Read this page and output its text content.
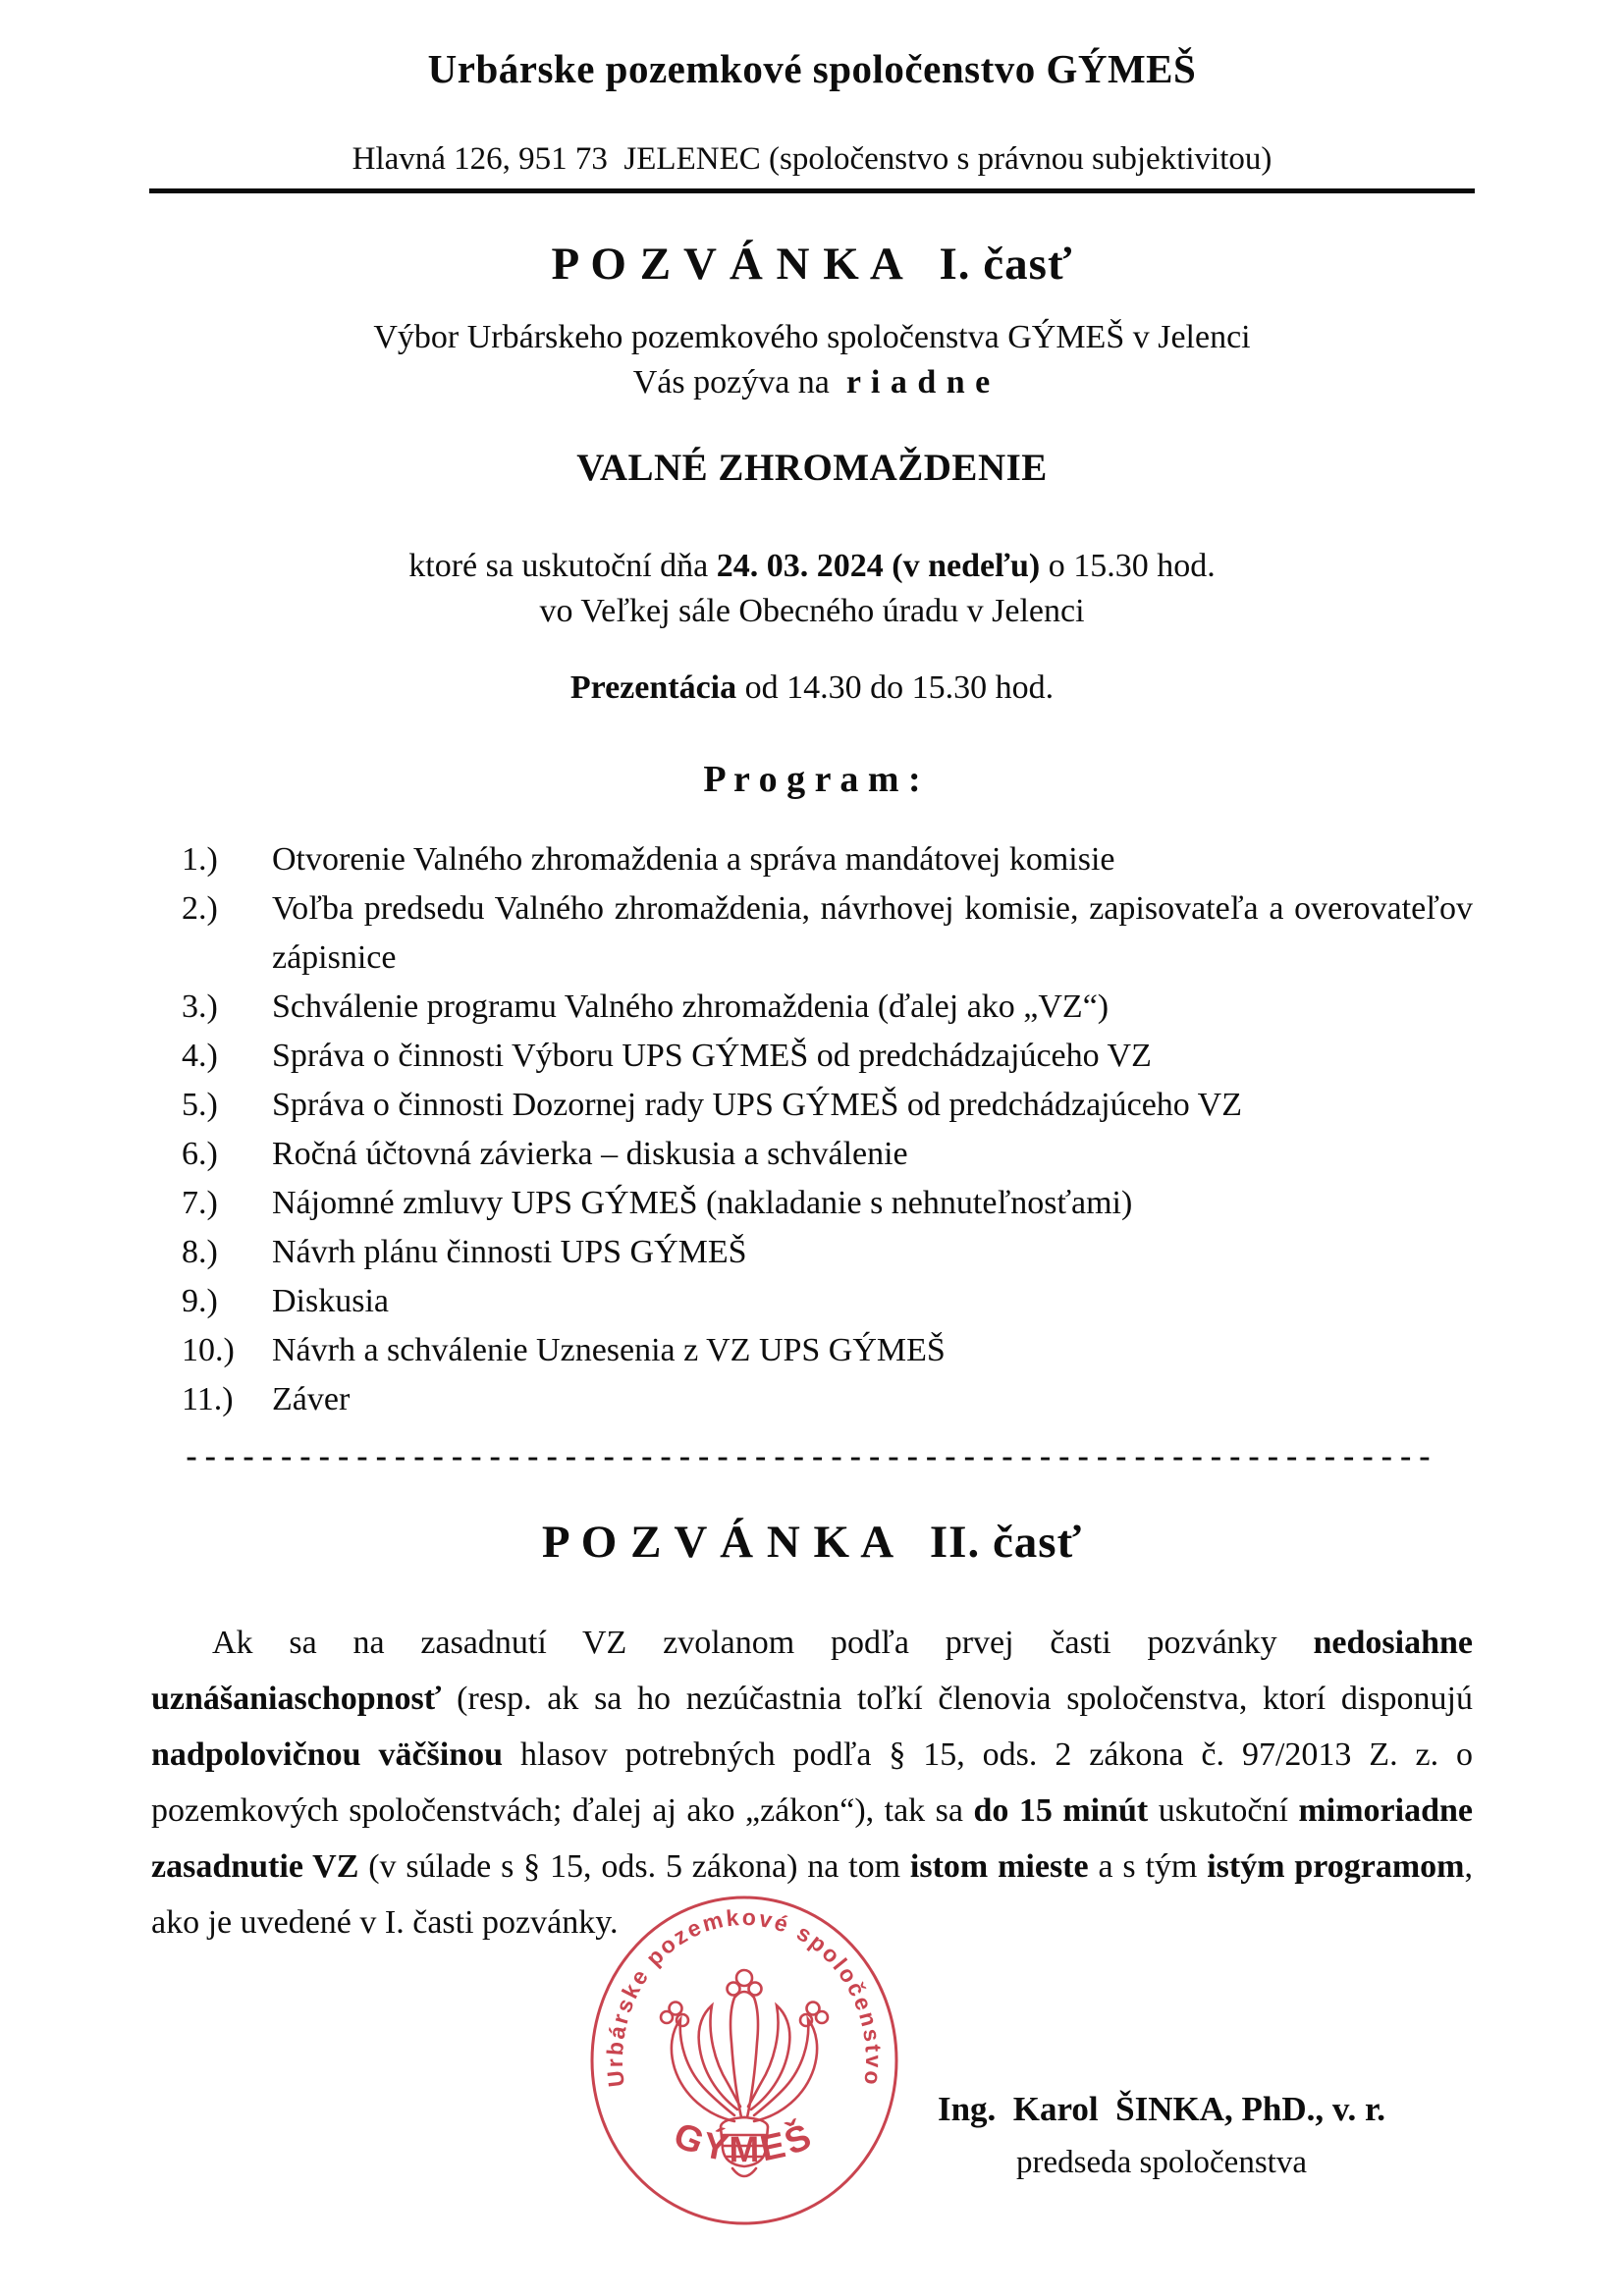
Urbárske pozemkové spoločenstvo GÝMEŠ
Hlavná 126, 951 73  JELENEC (spoločenstvo s právnou subjektivitou)
P O Z V Á N K A   I. časť
Výbor Urbárskeho pozemkového spoločenstva GÝMEŠ v Jelenci
Vás pozýva na  r i a d n e
VALNÉ ZHROMAŽDENIE
ktoré sa uskutoční dňa 24. 03. 2024 (v nedeľu) o 15.30 hod.
vo Veľkej sále Obecného úradu v Jelenci
Prezentácia od 14.30 do 15.30 hod.
P r o g r a m :
1.)	Otvorenie Valného zhromaždenia a správa mandátovej komisie
2.)	Voľba predsedu Valného zhromaždenia, návrhovej komisie, zapisovateľa a overovateľov zápisnice
3.)	Schválenie programu Valného zhromaždenia (ďalej ako „VZ“)
4.)	Správa o činnosti Výboru UPS GÝMEŠ od predchádzajúceho VZ
5.)	Správa o činnosti Dozornej rady UPS GÝMEŠ od predchádzajúceho VZ
6.)	Ročná účtovná závierka – diskusia a schválenie
7.)	Nájomné zmluvy UPS GÝMEŠ (nakladanie s nehnuteľnosťami)
8.)	Návrh plánu činnosti UPS GÝMEŠ
9.)	Diskusia
10.)	Návrh a schválenie Uznesenia z VZ UPS GÝMEŠ
11.)	Záver
------------------------------------------------------------------
P O Z V Á N K A   II. časť
Ak sa na zasadnutí VZ zvolanom podľa prvej časti pozvánky nedosiahne uznášaniaschopnosť (resp. ak sa ho nezúčastnia toľkí členovia spoločenstva, ktorí disponujú nadpolovičnou väčšinou hlasov potrebných podľa § 15, ods. 2 zákona č. 97/2013 Z. z. o pozemkových spoločenstvách; ďalej aj ako „zákon“), tak sa do 15 minút uskutoční mimoriadne zasadnutie VZ (v súlade s § 15, ods. 5 zákona) na tom istom mieste a s tým istým programom, ako je uvedené v I. časti pozvánky.
Urbárske pozemkové spoločenstvo
GÝMEŠ
Ing.  Karol  ŠINKA, PhD., v. r.
predseda spoločenstva
